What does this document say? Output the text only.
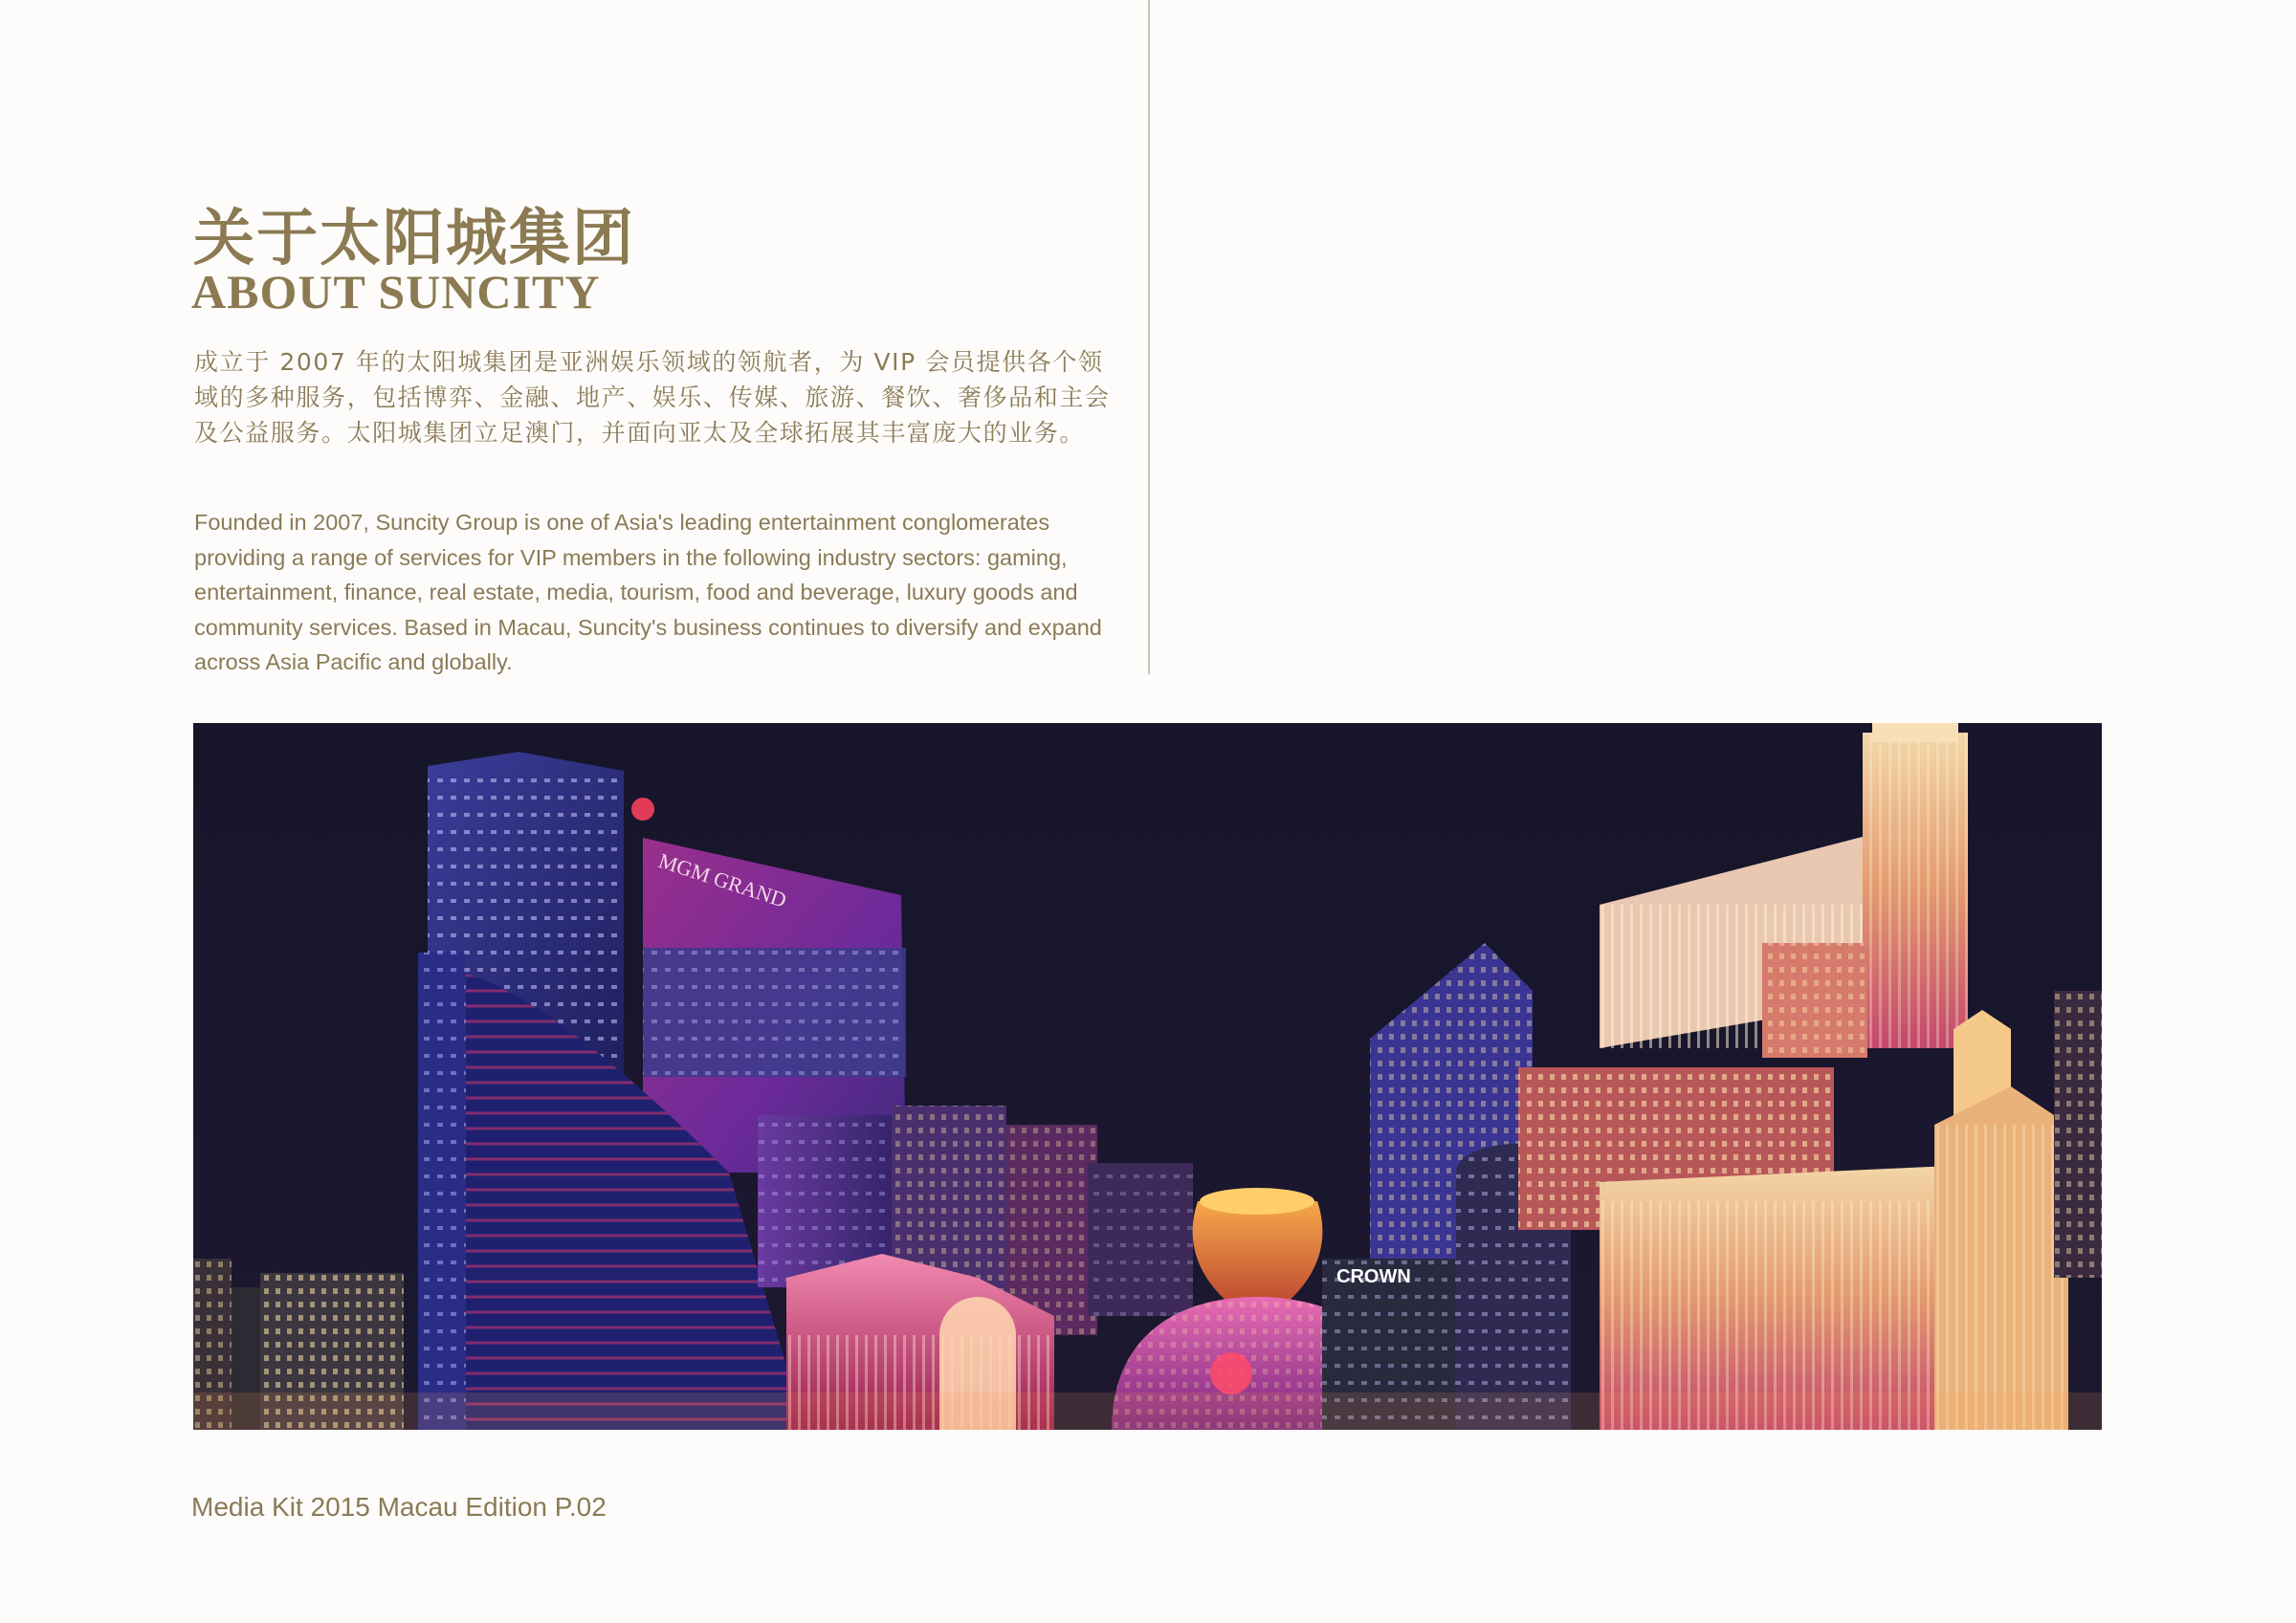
关于太阳城集团
ABOUT SUNCITY
成立于 2007 年的太阳城集团是亚洲娱乐领域的领航者，为 VIP 会员提供各个领域的多种服务，包括博弈、金融、地产、娱乐、传媒、旅游、餐饮、奢侈品和主会及公益服务。太阳城集团立足澳门，并面向亚太及全球拓展其丰富庞大的业务。
Founded in 2007, Suncity Group is one of Asia's leading entertainment conglomerates providing a range of services for VIP members in the following industry sectors: gaming, entertainment, finance, real estate, media, tourism, food and beverage, luxury goods and community services. Based in Macau, Suncity's business continues to diversify and expand across Asia Pacific and globally.
MGM GRAND
CROWN
Media Kit 2015 Macau Edition P.02
